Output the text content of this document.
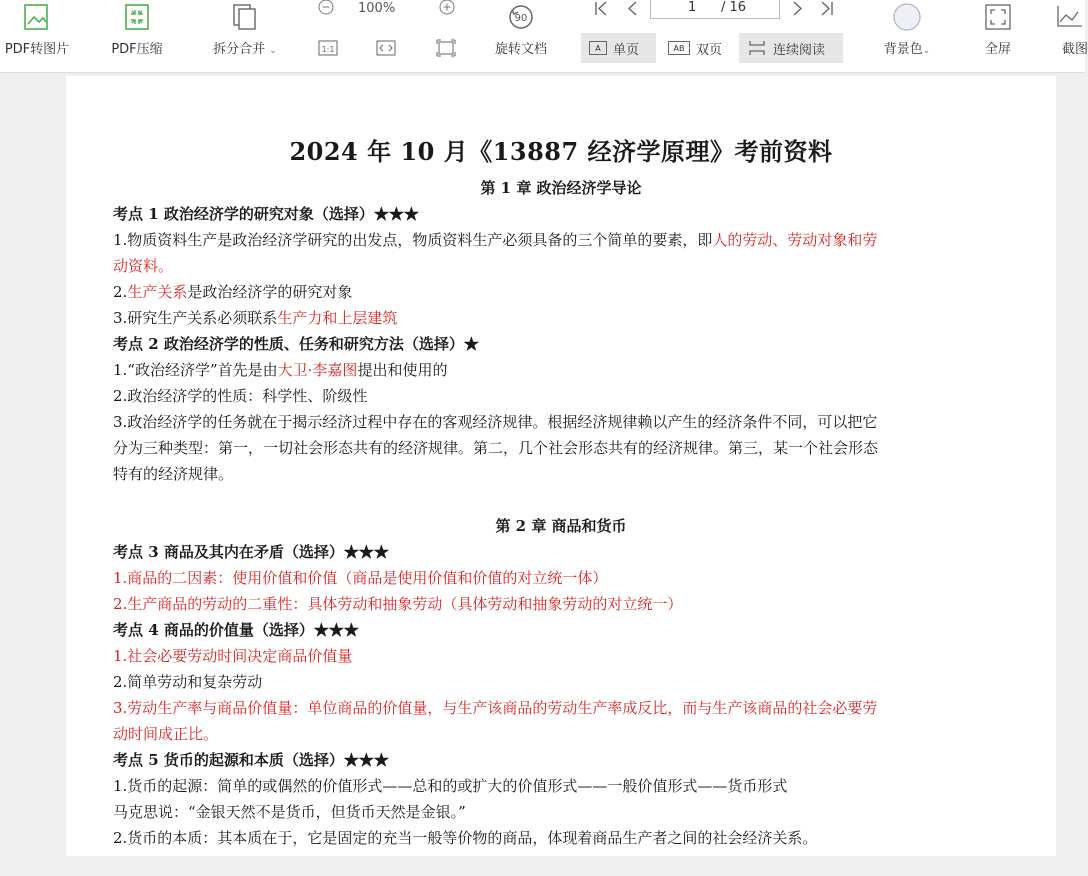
PDF转图片	PDF压缩	拆分合并 ⌄
100%
1:1
90
旋转文档
1 / 16
A 单页	AB 双页	连续阅读	背景色⌄	全屏	截图
2024 年 10 月《13887 经济学原理》考前资料
第 1 章 政治经济学导论
考点 1 政治经济学的研究对象（选择）★★★
1.物质资料生产是政治经济学研究的出发点，物质资料生产必须具备的三个简单的要素，即人的劳动、劳动对象和劳
动资料。
2.生产关系是政治经济学的研究对象
3.研究生产关系必须联系生产力和上层建筑
考点 2 政治经济学的性质、任务和研究方法（选择）★
1.“政治经济学”首先是由大卫·李嘉图提出和使用的
2.政治经济学的性质：科学性、阶级性
3.政治经济学的任务就在于揭示经济过程中存在的客观经济规律。根据经济规律赖以产生的经济条件不同，可以把它
分为三种类型：第一，一切社会形态共有的经济规律。第二，几个社会形态共有的经济规律。第三，某一个社会形态
特有的经济规律。
第 2 章 商品和货币
考点 3 商品及其内在矛盾（选择）★★★
1.商品的二因素：使用价值和价值（商品是使用价值和价值的对立统一体）
2.生产商品的劳动的二重性：具体劳动和抽象劳动（具体劳动和抽象劳动的对立统一）
考点 4 商品的价值量（选择）★★★
1.社会必要劳动时间决定商品价值量
2.简单劳动和复杂劳动
3.劳动生产率与商品价值量：单位商品的价值量，与生产该商品的劳动生产率成反比，而与生产该商品的社会必要劳
动时间成正比。
考点 5 货币的起源和本质（选择）★★★
1.货币的起源：简单的或偶然的价值形式——总和的或扩大的价值形式——一般价值形式——货币形式
马克思说：“金银天然不是货币，但货币天然是金银。”
2.货币的本质：其本质在于，它是固定的充当一般等价物的商品，体现着商品生产者之间的社会经济关系。
